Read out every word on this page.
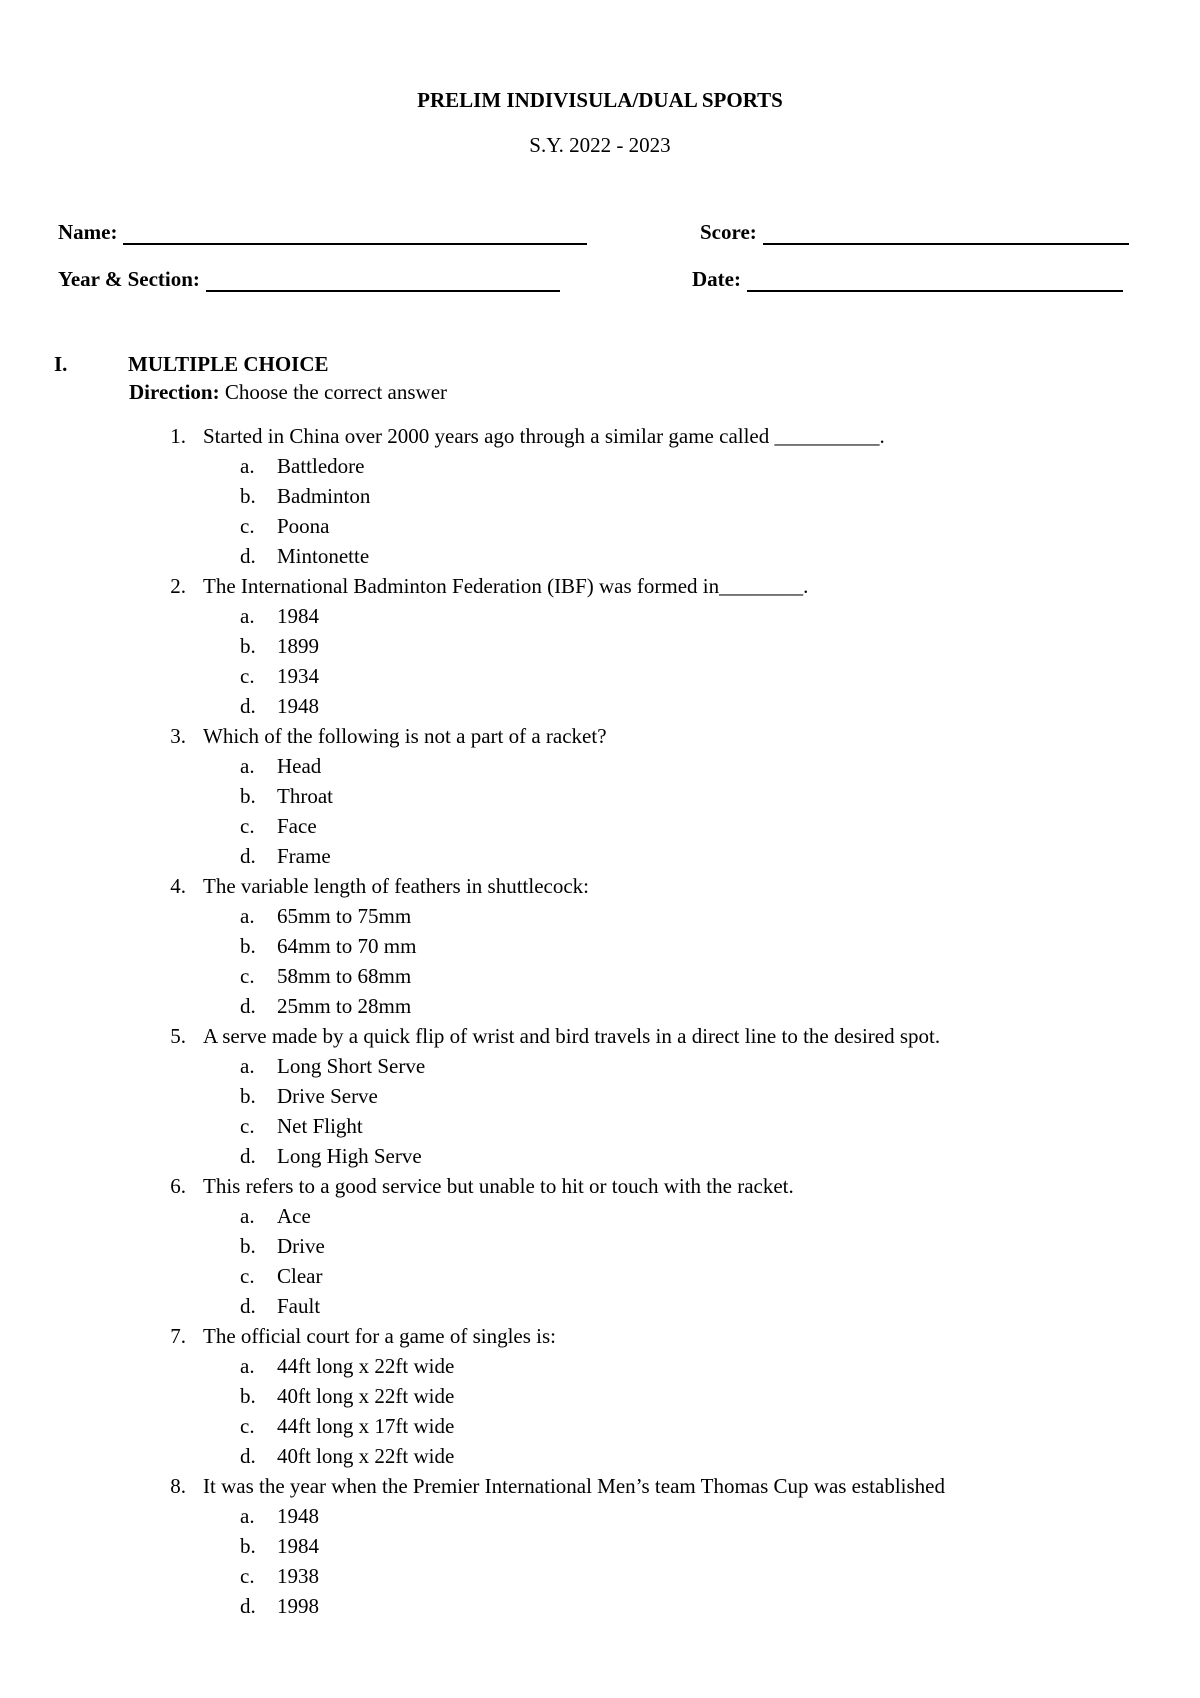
PRELIM INDIVISULA/DUAL SPORTS
S.Y. 2022 - 2023
Name:	Score:
Year & Section:	Date:
I.	MULTIPLE CHOICE
Direction: Choose the correct answer
1. Started in China over 2000 years ago through a similar game called __________.
a. Battledore
b. Badminton
c. Poona
d. Mintonette
2. The International Badminton Federation (IBF) was formed in________.
a. 1984
b. 1899
c. 1934
d. 1948
3. Which of the following is not a part of a racket?
a. Head
b. Throat
c. Face
d. Frame
4. The variable length of feathers in shuttlecock:
a. 65mm to 75mm
b. 64mm to 70 mm
c. 58mm to 68mm
d. 25mm to 28mm
5. A serve made by a quick flip of wrist and bird travels in a direct line to the desired spot.
a. Long Short Serve
b. Drive Serve
c. Net Flight
d. Long High Serve
6. This refers to a good service but unable to hit or touch with the racket.
a. Ace
b. Drive
c. Clear
d. Fault
7. The official court for a game of singles is:
a. 44ft long x 22ft wide
b. 40ft long x 22ft wide
c. 44ft long x 17ft wide
d. 40ft long x 22ft wide
8. It was the year when the Premier International Men’s team Thomas Cup was established
a. 1948
b. 1984
c. 1938
d. 1998
